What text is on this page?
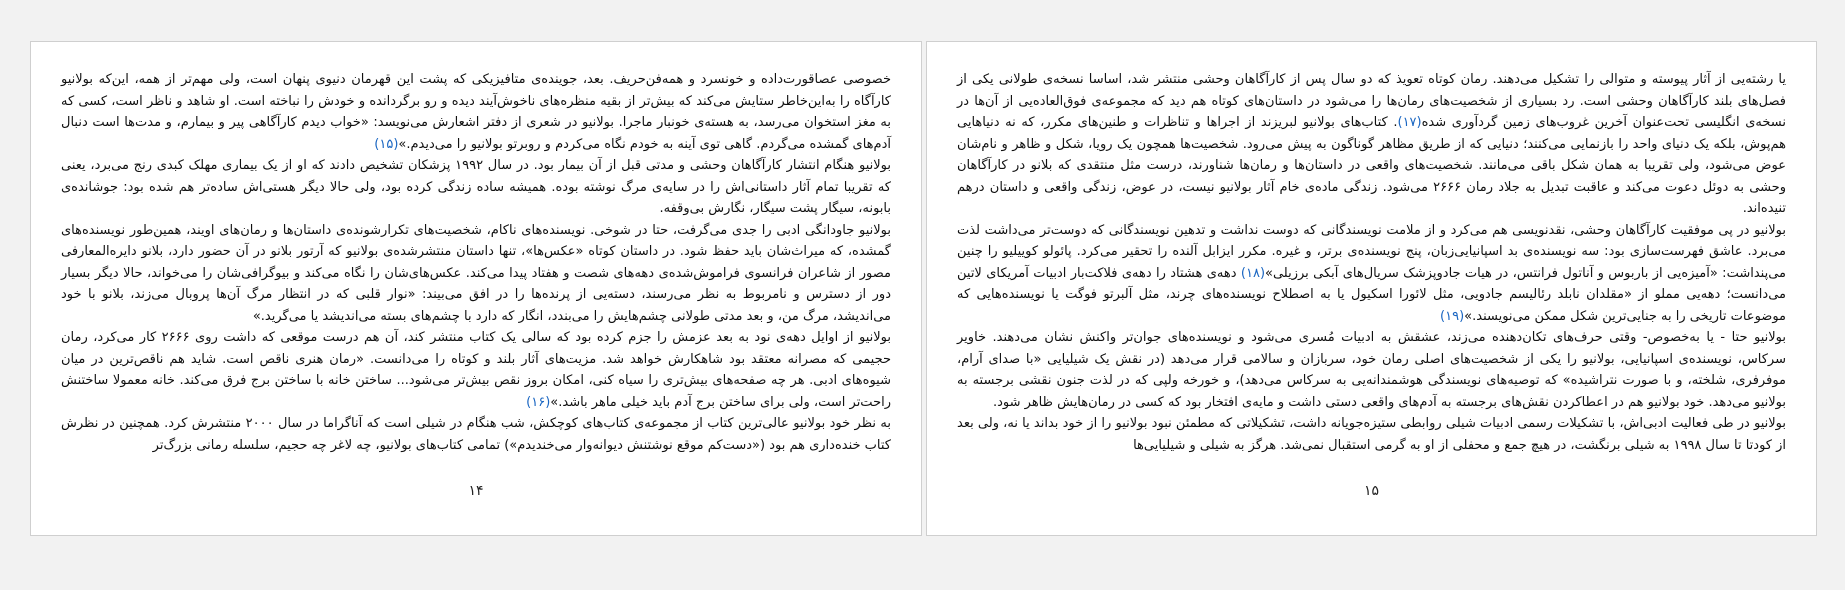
خصوصی عصاقورت‌داده و خونسرد و همه‌فن‌حریف. بعد، جوینده‌ی متافیزیکی که پشت این قهرمان دنیوی پنهان است، ولی مهم‌تر از همه، این‌که بولانیو کارآگاه را به‌این‌خاطر ستایش می‌کند که بیش‌تر از بقیه منظره‌های ناخوش‌آیند دیده و رو برگردانده و خودش را نباخته است. او شاهد و ناظر است، کسی که به مغز استخوان می‌رسد، به هسته‌ی خونبار ماجرا. بولانیو در شعری از دفتر اشعارش می‌نویسد: «خواب دیدم کارآگاهی پیر و بیمارم، و مدت‌ها است دنبال آدم‌های گمشده می‌گردم. گاهی توی آینه به خودم نگاه می‌کردم و روبرتو بولانیو را می‌دیدم.»(۱۵)

بولانیو هنگام انتشار کارآگاهان وحشی و مدتی قبل از آن بیمار بود. در سال ۱۹۹۲ پزشکان تشخیص دادند که او از یک بیماری مهلک کبدی رنج می‌برد، یعنی که تقریبا تمام آثار داستانی‌اش را در سایه‌ی مرگ نوشته بوده. همیشه ساده زندگی کرده بود، ولی حالا دیگر هستی‌اش ساده‌تر هم شده بود: جوشانده‌ی بابونه، سیگار پشت سیگار، نگارش بی‌وقفه.

بولانیو جاودانگی ادبی را جدی می‌گرفت، حتا در شوخی. نویسنده‌های ناکام، شخصیت‌های تکرارشونده‌ی داستان‌ها و رمان‌های اویند، همین‌طور نویسنده‌های گمشده، که میراث‌شان باید حفظ شود. در داستان کوتاه «عکس‌ها»، تنها داستان منتشرشده‌ی بولانیو که آرتور بلانو در آن حضور دارد، بلانو دایره‌المعارفی مصور از شاعران فرانسوی فراموش‌شده‌ی دهه‌های شصت و هفتاد پیدا می‌کند. عکس‌های‌شان را نگاه می‌کند و بیوگرافی‌شان را می‌خواند، حالا دیگر بسیار دور از دسترس و نامربوط به نظر می‌رسند، دسته‌یی از پرنده‌ها را در افق می‌بیند: «نوار قلبی که در انتظار مرگ آن‌ها پروبال می‌زند، بلانو با خود می‌اندیشد، مرگ من، و بعد مدتی طولانی چشم‌هایش را می‌بندد، انگار که دارد با چشم‌های بسته می‌اندیشد یا می‌گرید.»

بولانیو از اوایل دهه‌ی نود به بعد عزمش را جزم کرده بود که سالی یک کتاب منتشر کند، آن هم درست موقعی که داشت روی ۲۶۶۶ کار می‌کرد، رمان حجیمی که مصرانه معتقد بود شاهکارش خواهد شد. مزیت‌های آثار بلند و کوتاه را می‌دانست. «رمان هنری ناقص است. شاید هم ناقص‌ترین در میان شیوه‌های ادبی. هر چه صفحه‌های بیش‌تری را سیاه کنی، امکان بروز نقص بیش‌تر می‌شود... ساختن خانه با ساختن برج فرق می‌کند. خانه معمولا ساختنش راحت‌تر است، ولی برای ساختن برج آدم باید خیلی ماهر باشد.»(۱۶)

به نظر خود بولانیو عالی‌ترین کتاب از مجموعه‌ی کتاب‌های کوچکش، شب هنگام در شیلی است که آناگراما در سال ۲۰۰۰ منتشرش کرد. همچنین در نظرش کتاب خنده‌داری هم بود («دست‌کم موقع نوشتنش دیوانه‌وار می‌خندیدم») تمامی کتاب‌های بولانیو، چه لاغر چه حجیم، سلسله رمانی بزرگ‌تر

۱۴

یا رشته‌یی از آثار پیوسته و متوالی را تشکیل می‌دهند. رمان کوتاه تعویذ که دو سال پس از کارآگاهان وحشی منتشر شد، اساسا نسخه‌ی طولانی یکی از فصل‌های بلند کارآگاهان وحشی است. رد بسیاری از شخصیت‌های رمان‌ها را می‌شود در داستان‌های کوتاه هم دید که مجموعه‌ی فوق‌العاده‌یی از آن‌ها در نسخه‌ی انگلیسی تحت‌عنوان آخرین غروب‌های زمین گردآوری شده(۱۷). کتاب‌های بولانیو لبریزند از اجراها و تناظرات و طنین‌های مکرر، که نه دنیاهایی هم‌پوش، بلکه یک دنیای واحد را بازنمایی می‌کنند؛ دنیایی که از طریق مظاهر گوناگون به پیش می‌رود. شخصیت‌ها همچون یک رویا، شکل و ظاهر و نام‌شان عوض می‌شود، ولی تقریبا به همان شکل باقی می‌مانند. شخصیت‌های واقعی در داستان‌ها و رمان‌ها شناورند، درست مثل منتقدی که بلانو در کارآگاهان وحشی به دوئل دعوت می‌کند و عاقبت تبدیل به جلاد رمان ۲۶۶۶ می‌شود. زندگی ماده‌ی خام آثار بولانیو نیست، در عوض، زندگی واقعی و داستان درهم تنیده‌اند.

بولانیو در پی موفقیت کارآگاهان وحشی، نقدنویسی هم می‌کرد و از ملامت نویسندگانی که دوست نداشت و تدهین نویسندگانی که دوست‌تر می‌داشت لذت می‌برد. عاشق فهرست‌سازی بود: سه نویسنده‌ی بد اسپانیایی‌زبان، پنج نویسنده‌ی برتر، و غیره. مکرر ایزابل آلنده را تحقیر می‌کرد. پائولو کوییلیو را چنین می‌پنداشت: «آمیزه‌یی از باربوس و آناتول فرانتس، در هیات جادوپزشک سریال‌های آبکی برزیلی»(۱۸) دهه‌ی هشتاد را دهه‌ی فلاکت‌بار ادبیات آمریکای لاتین می‌دانست؛ دهه‌یی مملو از «مقلدان نابلد رئالیسم جادویی، مثل لائورا اسکیول یا به اصطلاح نویسنده‌های چرند، مثل آلبرتو فوگت یا نویسنده‌هایی که موضوعات تاریخی را به جنایی‌ترین شکل ممکن می‌نویسند.»(۱۹)

بولانیو حتا - یا به‌خصوص- وقتی حرف‌های تکان‌دهنده می‌زند، عشقش به ادبیات مُسری می‌شود و نویسنده‌های جوان‌تر واکنش نشان می‌دهند. خاویر سرکاس، نویسنده‌ی اسپانیایی، بولانیو را یکی از شخصیت‌های اصلی رمان خود، سربازان و سالامی قرار می‌دهد (در نقش یک شیلیایی «با صدای آرام، موفرفری، شلخته، و با صورت نتراشیده» که توصیه‌های نویسندگی هوشمندانه‌یی به سرکاس می‌دهد)، و خورخه ولپی که در لذت جنون نقشی برجسته به بولانیو می‌دهد. خود بولانیو هم در اعطاکردن نقش‌های برجسته به آدم‌های واقعی دستی داشت و مایه‌ی افتخار بود که کسی در رمان‌هایش ظاهر شود.

بولانیو در طی فعالیت ادبی‌اش، با تشکیلات رسمی ادبیات شیلی روابطی ستیزه‌جویانه داشت، تشکیلاتی که مطمئن نبود بولانیو را از خود بداند یا نه، ولی بعد از کودتا تا سال ۱۹۹۸ به شیلی برنگشت، در هیچ جمع و محفلی از او به گرمی استقبال نمی‌شد. هرگز به شیلی و شیلیایی‌ها

۱۵
